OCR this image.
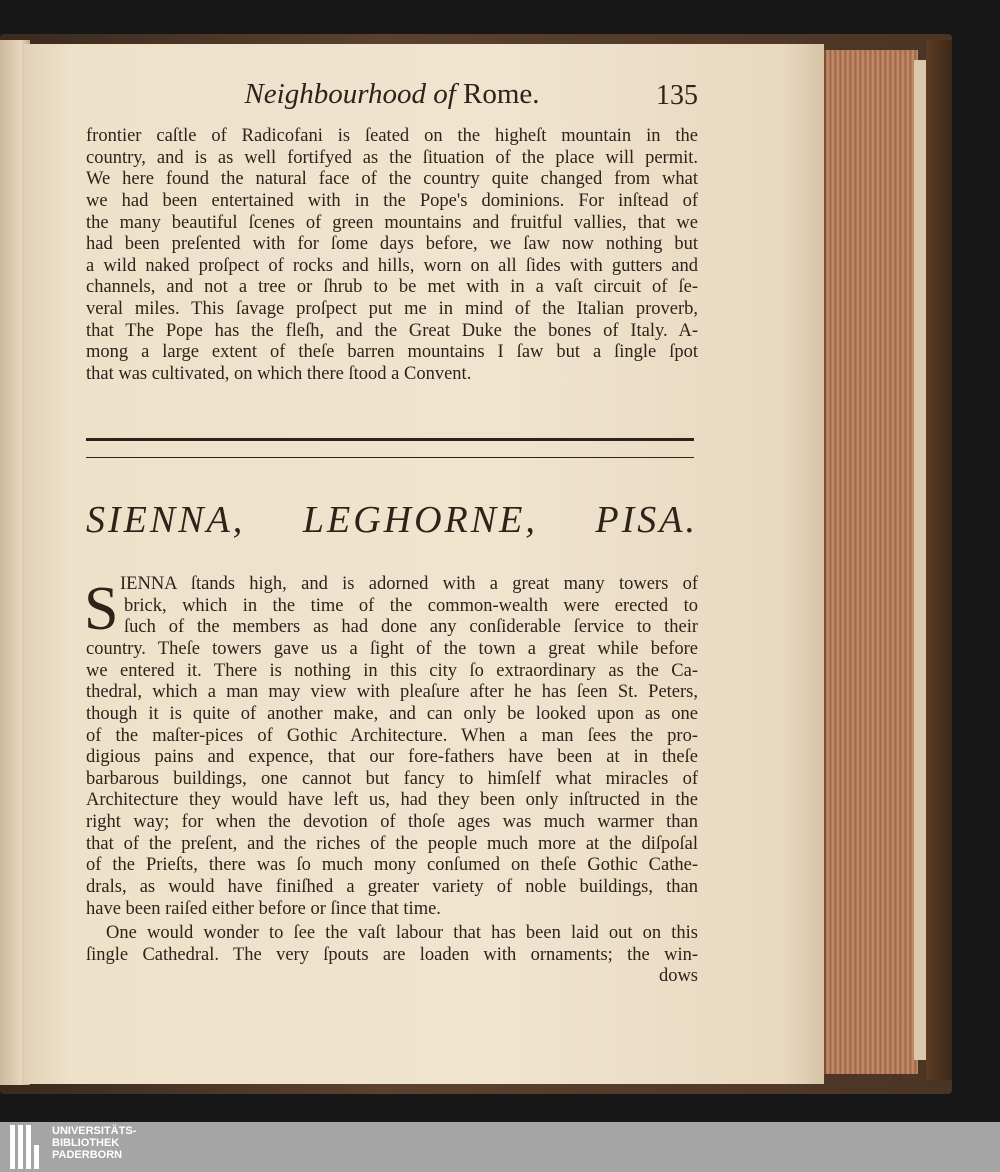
Neighbourhood of Rome.	135
frontier caſtle of Radicofani is ſeated on the higheſt mountain in the
country, and is as well fortifyed as the ſituation of the place will permit.
We here found the natural face of the country quite changed from what
we had been entertained with in the Pope's dominions. For inſtead of
the many beautiful ſcenes of green mountains and fruitful vallies, that we
had been preſented with for ſome days before, we ſaw now nothing but
a wild naked proſpect of rocks and hills, worn on all ſides with gutters and
channels, and not a tree or ſhrub to be met with in a vaſt circuit of ſe-
veral miles. This ſavage proſpect put me in mind of the Italian proverb,
that The Pope has the fleſh, and the Great Duke the bones of Italy. A-
mong a large extent of theſe barren mountains I ſaw but a ſingle ſpot
that was cultivated, on which there ſtood a Convent.
SIENNA, LEGHORNE, PISA.
S IENNA ſtands high, and is adorned with a great many towers of
brick, which in the time of the common-wealth were erected to
ſuch of the members as had done any conſiderable ſervice to their
country. Theſe towers gave us a ſight of the town a great while before
we entered it. There is nothing in this city ſo extraordinary as the Ca-
thedral, which a man may view with pleaſure after he has ſeen St. Peters,
though it is quite of another make, and can only be looked upon as one
of the maſter-pices of Gothic Architecture. When a man ſees the pro-
digious pains and expence, that our fore-fathers have been at in theſe
barbarous buildings, one cannot but fancy to himſelf what miracles of
Architecture they would have left us, had they been only inſtructed in the
right way; for when the devotion of thoſe ages was much warmer than
that of the preſent, and the riches of the people much more at the diſpoſal
of the Prieſts, there was ſo much mony conſumed on theſe Gothic Cathe-
drals, as would have finiſhed a greater variety of noble buildings, than
have been raiſed either before or ſince that time.
One would wonder to ſee the vaſt labour that has been laid out on this
ſingle Cathedral. The very ſpouts are loaden with ornaments; the win-
dows
UNIVERSITÄTS-
BIBLIOTHEK
PADERBORN
